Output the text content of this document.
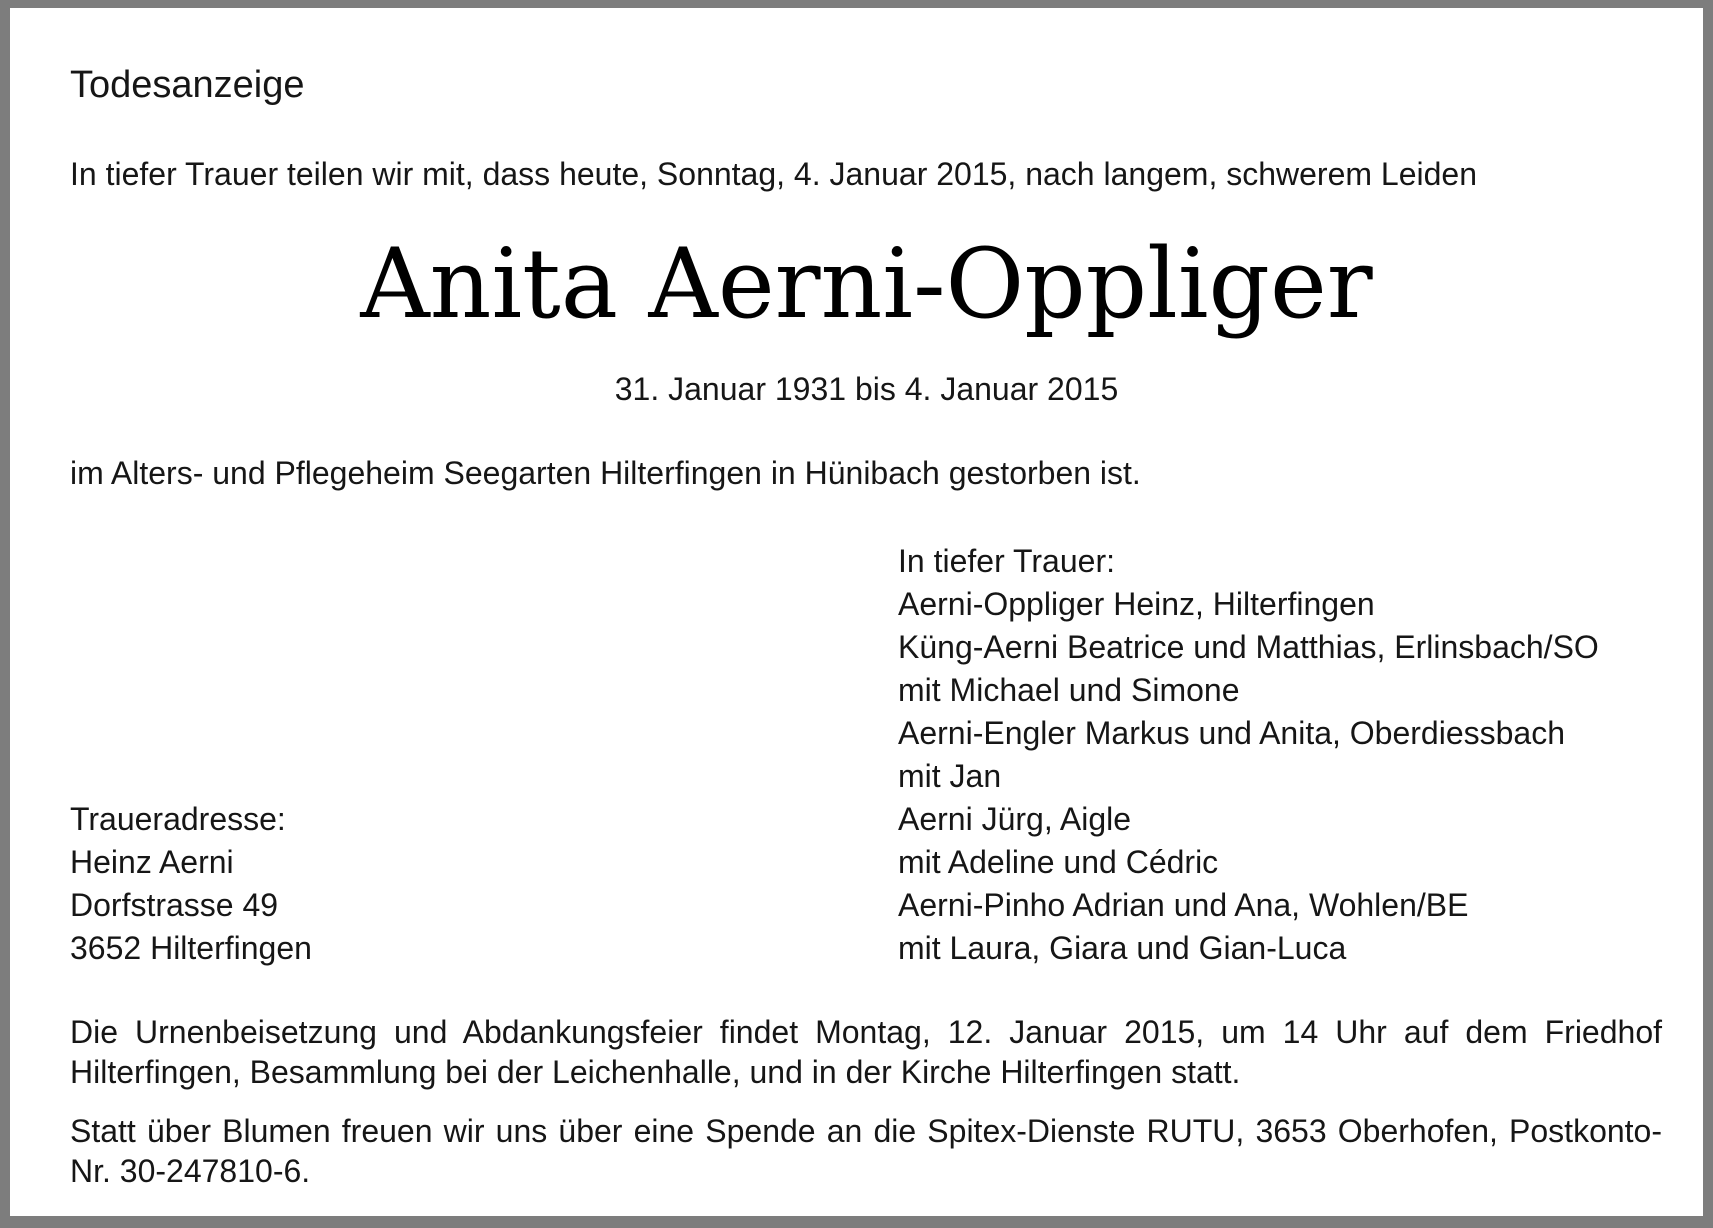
Todesanzeige

In tiefer Trauer teilen wir mit, dass heute, Sonntag, 4. Januar 2015, nach langem, schwerem Leiden

Anita Aerni-Oppliger

31. Januar 1931 bis 4. Januar 2015

im Alters- und Pflegeheim Seegarten Hilterfingen in Hünibach gestorben ist.

In tiefer Trauer:
Aerni-Oppliger Heinz, Hilterfingen
Küng-Aerni Beatrice und Matthias, Erlinsbach/SO
mit Michael und Simone
Aerni-Engler Markus und Anita, Oberdiessbach
mit Jan
Aerni Jürg, Aigle
mit Adeline und Cédric
Aerni-Pinho Adrian und Ana, Wohlen/BE
mit Laura, Giara und Gian-Luca
Traueradresse:
Heinz Aerni
Dorfstrasse 49
3652 Hilterfingen

Die Urnenbeisetzung und Abdankungsfeier findet Montag, 12. Januar 2015, um 14 Uhr auf dem Friedhof Hilterfingen, Besammlung bei der Leichenhalle, und in der Kirche Hilterfingen statt.

Statt über Blumen freuen wir uns über eine Spende an die Spitex-Dienste RUTU, 3653 Oberhofen, Postkonto-Nr. 30-247810-6.
